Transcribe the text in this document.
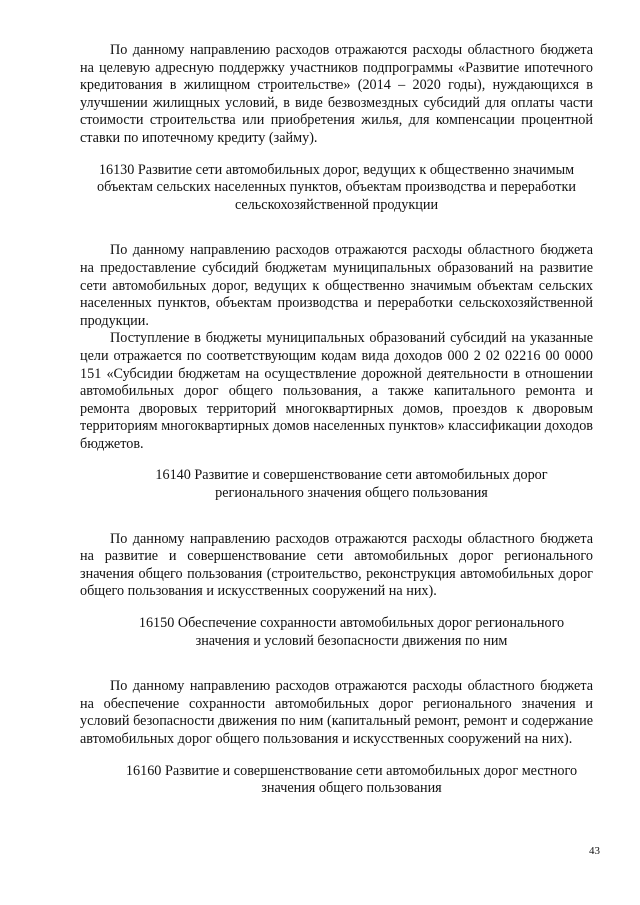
По данному направлению расходов отражаются расходы областного бюджета на целевую адресную поддержку участников подпрограммы «Развитие ипотечного кредитования в жилищном строительстве» (2014 – 2020 годы), нуждающихся в улучшении жилищных условий, в виде безвозмездных субсидий для оплаты части стоимости строительства или приобретения жилья, для компенсации процентной ставки по ипотечному кредиту (займу).

16130 Развитие сети автомобильных дорог, ведущих к общественно значимым объектам сельских населенных пунктов, объектам производства и переработки сельскохозяйственной продукции

По данному направлению расходов отражаются расходы областного бюджета на предоставление субсидий бюджетам муниципальных образований на развитие сети автомобильных дорог, ведущих к общественно значимым объектам сельских населенных пунктов, объектам производства и переработки сельскохозяйственной продукции.

Поступление в бюджеты муниципальных образований субсидий на указанные цели отражается по соответствующим кодам вида доходов 000 2 02 02216 00 0000 151 «Субсидии бюджетам на осуществление дорожной деятельности в отношении автомобильных дорог общего пользования, а также капитального ремонта и ремонта дворовых территорий многоквартирных домов, проездов к дворовым территориям многоквартирных домов населенных пунктов» классификации доходов бюджетов.

16140 Развитие и совершенствование сети автомобильных дорог регионального значения общего пользования

По данному направлению расходов отражаются расходы областного бюджета на развитие и совершенствование сети автомобильных дорог регионального значения общего пользования (строительство, реконструкция автомобильных дорог общего пользования и искусственных сооружений на них).

16150 Обеспечение сохранности автомобильных дорог регионального значения и условий безопасности движения по ним

По данному направлению расходов отражаются расходы областного бюджета на обеспечение сохранности автомобильных дорог регионального значения и условий безопасности движения по ним (капитальный ремонт, ремонт и содержание автомобильных дорог общего пользования и искусственных сооружений на них).

16160 Развитие и совершенствование сети автомобильных дорог местного значения общего пользования

43
